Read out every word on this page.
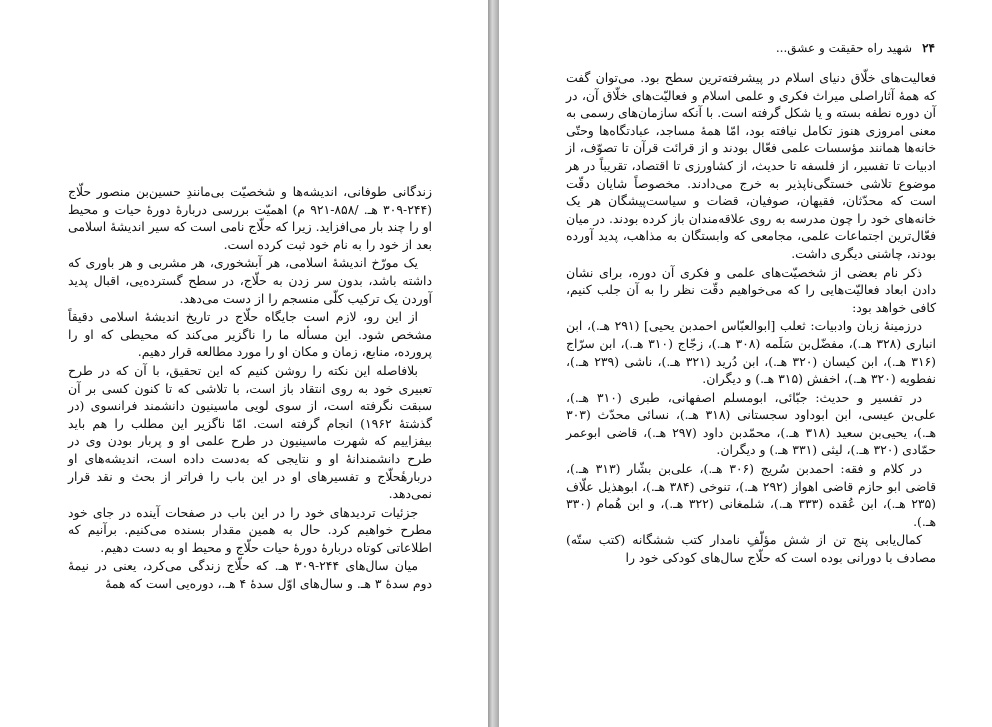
زندگانی طوفانی، اندیشه‌ها و شخصیّت بی‌مانندِ حسین‌بن منصور حلّاج (۲۴۴-۳۰۹ هـ. /۸۵۸-۹۲۱ م) اهمیّت بررسی دربارهٔ دورهٔ حیات و محیط او را چند بار می‌افزاید. زیرا که حلّاج نامی است که سیر اندیشهٔ اسلامی بعد از خود را به نام خود ثبت کرده است.

یک مورّخ اندیشهٔ اسلامی، هر آبشخوری، هر مشربی و هر باوری که داشته باشد، بدون سر زدن به حلّاج، در سطح گسترده‌یی، اقبال پدید آوردن یک ترکیب کلّی منسجم را از دست می‌دهد.

از این رو، لازم است جایگاه حلّاج در تاریخ اندیشهٔ اسلامی دقیقاً مشخص شود. این مسأله ما را ناگزیر می‌کند که محیطی که او را پرورده، منابع، زمان و مکان او را مورد مطالعه قرار دهیم.

بلافاصله این نکته را روشن کنیم که این تحقیق، با آن که در طرح تعبیری خود به روی انتقاد باز است، با تلاشی که تا کنون کسی بر آن سبقت نگرفته است، از سوی لویی ماسینیون دانشمند فرانسوی (در گذشتهٔ ۱۹۶۲) انجام گرفته است. امّا ناگزیر این مطلب را هم باید بیفزاییم که شهرت ماسینیون در طرح علمی او و پربار بودن وی در طرح دانشمندانهٔ او و نتایجی که به‌دست داده است، اندیشه‌های او دربارهٔحلّاج و تفسیرهای او در این باب را فراتر از بحث و نقد قرار نمی‌دهد.

جزئیات تردیدهای خود را در این باب در صفحات آینده در جای خود مطرح خواهیم کرد. حال به همین مقدار بسنده می‌کنیم. برآنیم که اطلاعاتی کوتاه دربارهٔ دورهٔ حیات حلّاج و محیط او به دست دهیم.

میان سال‌های ۲۴۴-۳۰۹ هـ. که حلّاج زندگی می‌کرد، یعنی در نیمهٔ دوم سدهٔ ۳ هـ. و سال‌های اوّل سدهٔ ۴ هـ.، دوره‌یی است که همهٔ

۲۴
شهید راه حقیقت و عشق...

فعالیت‌های خلّاق دنیای اسلام در پیشرفته‌ترین سطح بود. می‌توان گفت که همهٔ آثاراصلی میراث فکری و علمی اسلام و فعالیّت‌های خلّاق آن، در آن دوره نطفه بسته و یا شکل گرفته است. با آنکه سازمان‌های رسمی به معنی امروزی هنوز تکامل نیافته بود، امّا همهٔ مساجد، عبادتگاه‌ها وحتّی خانه‌ها همانند مؤسسات علمی فعّال بودند و از قرائت قرآن تا تصوّف، از ادبیات تا تفسیر، از فلسفه تا حدیث، از کشاورزی تا اقتصاد، تقریباً در هر موضوع تلاشی خستگی‌ناپذیر به خرج می‌دادند. مخصوصاً شایان دقّت است که محدّثان، فقیهان، صوفیان، قضات و سیاست‌پیشگان هر یک خانه‌های خود را چون مدرسه به روی علاقه‌مندان باز کرده بودند. در میان فعّال‌ترین اجتماعات علمی، مجامعی که وابستگان به مذاهب، پدید آورده بودند، چاشنی دیگری داشت.

ذکر نام بعضی از شخصیّت‌های علمی و فکری آن دوره، برای نشان دادن ابعاد فعالیّت‌هایی را که می‌خواهیم دقّت نظر را به آن جلب کنیم، کافی خواهد بود:

درزمینهٔ زبان وادبیات: ثعلب [ابوالعبّاس احمدبن یحیی] (۲۹۱ هـ.)، ابن انباری (۳۲۸ هـ.)، مفضّل‌بن سَلَمه (۳۰۸ هـ.)، زجّاج (۳۱۰ هـ.)، ابن سرّاج (۳۱۶ هـ.)، ابن کیسان (۳۲۰ هـ.)، ابن دُرید (۳۲۱ هـ.)، ناشی (۲۳۹ هـ.)، نفطویه (۳۲۰ هـ.)، اخفش (۳۱۵ هـ.) و دیگران.

در تفسیر و حدیث: جبّائی، ابومسلم اصفهانی، طبری (۳۱۰ هـ.)، علی‌بن عیسی، ابن ابوداود سجستانی (۳۱۸ هـ.)، نسائی محدّث (۳۰۳ هـ.)، یحیی‌بن سعید (۳۱۸ هـ.)، محمّدبن داود (۲۹۷ هـ.)، قاضی ابوعمر حمّادی (۳۲۰ هـ.)، لیثی (۳۳۱ هـ.) و دیگران.

در کلام و فقه: احمدبن سُریج (۳۰۶ هـ.)، علی‌بن بشّار (۳۱۳ هـ.)، قاضی ابو حازم قاضی اهواز (۲۹۲ هـ.)، تنوخی (۳۸۴ هـ.)، ابوهذیل علّاف (۲۳۵ هـ.)، ابن عُقده (۳۳۳ هـ.)، شلمغانی (۳۲۲ هـ.)، و ابن هُمام (۳۳۰ هـ.).

کمال‌یابی پنج تن از شش مؤلّفِ نامدار کتب ششگانه (کتب ستّه) مصادف با دورانی بوده است که حلّاج سال‌های کودکی خود را
